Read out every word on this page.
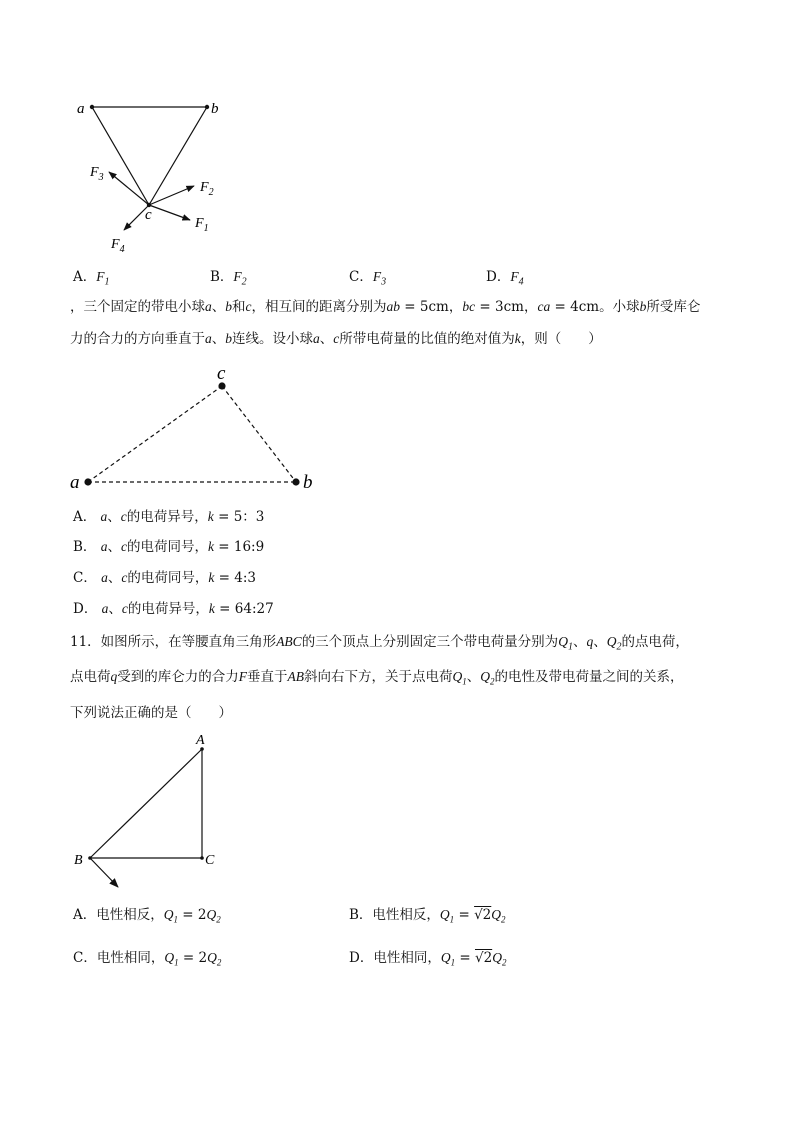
a	b
c
$F_3$
$F_2$
$F_1$
$F_4$
A．$F_1$	B．$F_2$	C．$F_3$	D．$F_4$
，三个固定的带电小球a、b和c，相互间的距离分别为ab = 5cm，bc = 3cm，ca = 4cm。小球b所受库仑
力的合力的方向垂直于a、b连线。设小球a、c所带电荷量的比值的绝对值为k，则（　　）
a	b
c
A． a、c的电荷异号，k = 5：3
B． a、c的电荷同号，k = 16:9
C． a、c的电荷同号，k = 4:3
D． a、c的电荷异号，k = 64:27
11．如图所示，在等腰直角三角形ABC的三个顶点上分别固定三个带电荷量分别为$Q_1$、q、$Q_2$的点电荷，
点电荷q受到的库仑力的合力F垂直于AB斜向右下方，关于点电荷$Q_1$、$Q_2$的电性及带电荷量之间的关系，
下列说法正确的是（　　）
A
B	C
A．电性相反，$Q_1 = 2Q_2$	B．电性相反，$Q_1 = √2Q_2$
C．电性相同，$Q_1 = 2Q_2$	D．电性相同，$Q_1 = √2Q_2$
